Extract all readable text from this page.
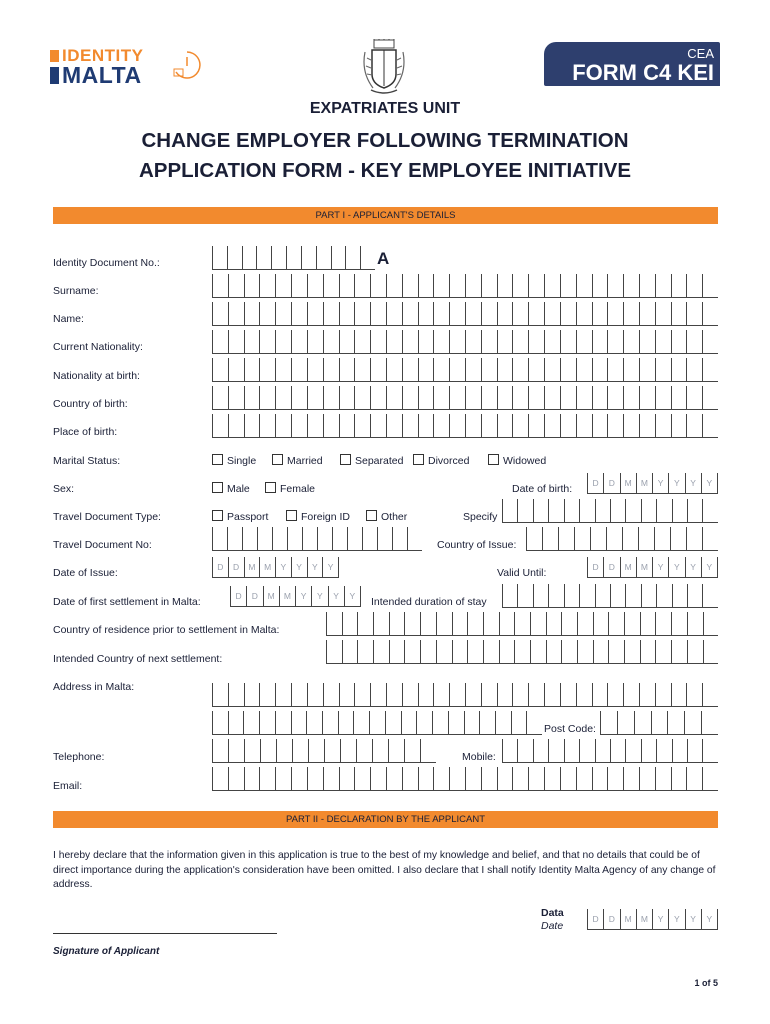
IDENTITY
MALTA
CEA
FORM C4 KEI
EXPATRIATES UNIT
CHANGE EMPLOYER FOLLOWING TERMINATION
APPLICATION FORM - KEY EMPLOYEE INITIATIVE
PART I - APPLICANT'S DETAILS
Identity Document No.:	A
Surname:
Name:
Current Nationality:
Nationality at birth:
Country of birth:
Place of birth:
Marital Status:	Single	Married	Separated	Divorced	Widowed
Sex:	Male	Female	Date of birth:	D	D	M	M	Y	Y	Y	Y
Travel Document Type:	Passport	Foreign ID	Other	Specify
Travel Document No:	Country of Issue:
Date of Issue:	D	D	M	M	Y	Y	Y	Y	Valid Until:	D	D	M	M	Y	Y	Y	Y
Date of first settlement in Malta:	D	D	M	M	Y	Y	Y	Y	Intended duration of stay
Country of residence prior to settlement in Malta:
Intended Country of next settlement:
Address in Malta:
Post Code:
Telephone:	Mobile:
Email:
PART II - DECLARATION BY THE APPLICANT
I hereby declare that the information given in this application is true to the best of my knowledge and belief, and that no details that could be of direct importance during the application's consideration have been omitted. I also declare that I shall notify Identity Malta Agency of any change of address.
Data
Date
D	D	M	M	Y	Y	Y	Y
Signature of Applicant
1 of 5
